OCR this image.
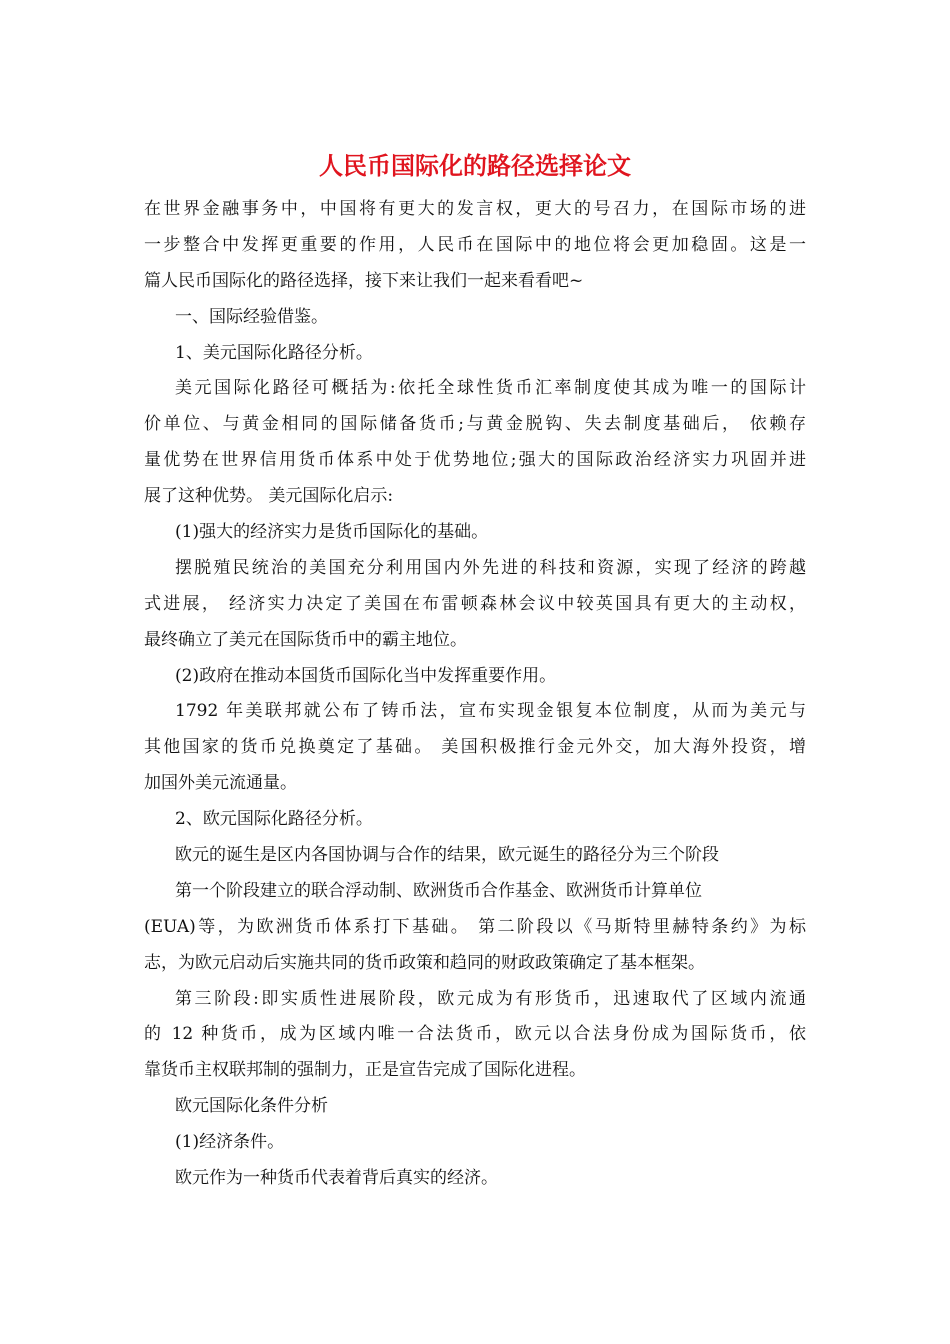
人民币国际化的路径选择论文
在世界金融事务中，中国将有更大的发言权，更大的号召力，在国际市场的进
一步整合中发挥更重要的作用，人民币在国际中的地位将会更加稳固。这是一
篇人民币国际化的路径选择，接下来让我们一起来看看吧~
一、国际经验借鉴。
1、美元国际化路径分析。
美元国际化路径可概括为:依托全球性货币汇率制度使其成为唯一的国际计
价单位、与黄金相同的国际储备货币;与黄金脱钩、失去制度基础后， 依赖存
量优势在世界信用货币体系中处于优势地位;强大的国际政治经济实力巩固并进
展了这种优势。 美元国际化启示:
(1)强大的经济实力是货币国际化的基础。
摆脱殖民统治的美国充分利用国内外先进的科技和资源，实现了经济的跨越
式进展， 经济实力决定了美国在布雷顿森林会议中较英国具有更大的主动权，
最终确立了美元在国际货币中的霸主地位。
(2)政府在推动本国货币国际化当中发挥重要作用。
1792 年美联邦就公布了铸币法，宣布实现金银复本位制度，从而为美元与
其他国家的货币兑换奠定了基础。 美国积极推行金元外交，加大海外投资，增
加国外美元流通量。
2、欧元国际化路径分析。
欧元的诞生是区内各国协调与合作的结果，欧元诞生的路径分为三个阶段
第一个阶段建立的联合浮动制、欧洲货币合作基金、欧洲货币计算单位
(EUA)等，为欧洲货币体系打下基础。 第二阶段以《马斯特里赫特条约》为标
志，为欧元启动后实施共同的货币政策和趋同的财政政策确定了基本框架。
第三阶段:即实质性进展阶段，欧元成为有形货币，迅速取代了区域内流通
的 12 种货币，成为区域内唯一合法货币，欧元以合法身份成为国际货币，依
靠货币主权联邦制的强制力，正是宣告完成了国际化进程。
欧元国际化条件分析
(1)经济条件。
欧元作为一种货币代表着背后真实的经济。
